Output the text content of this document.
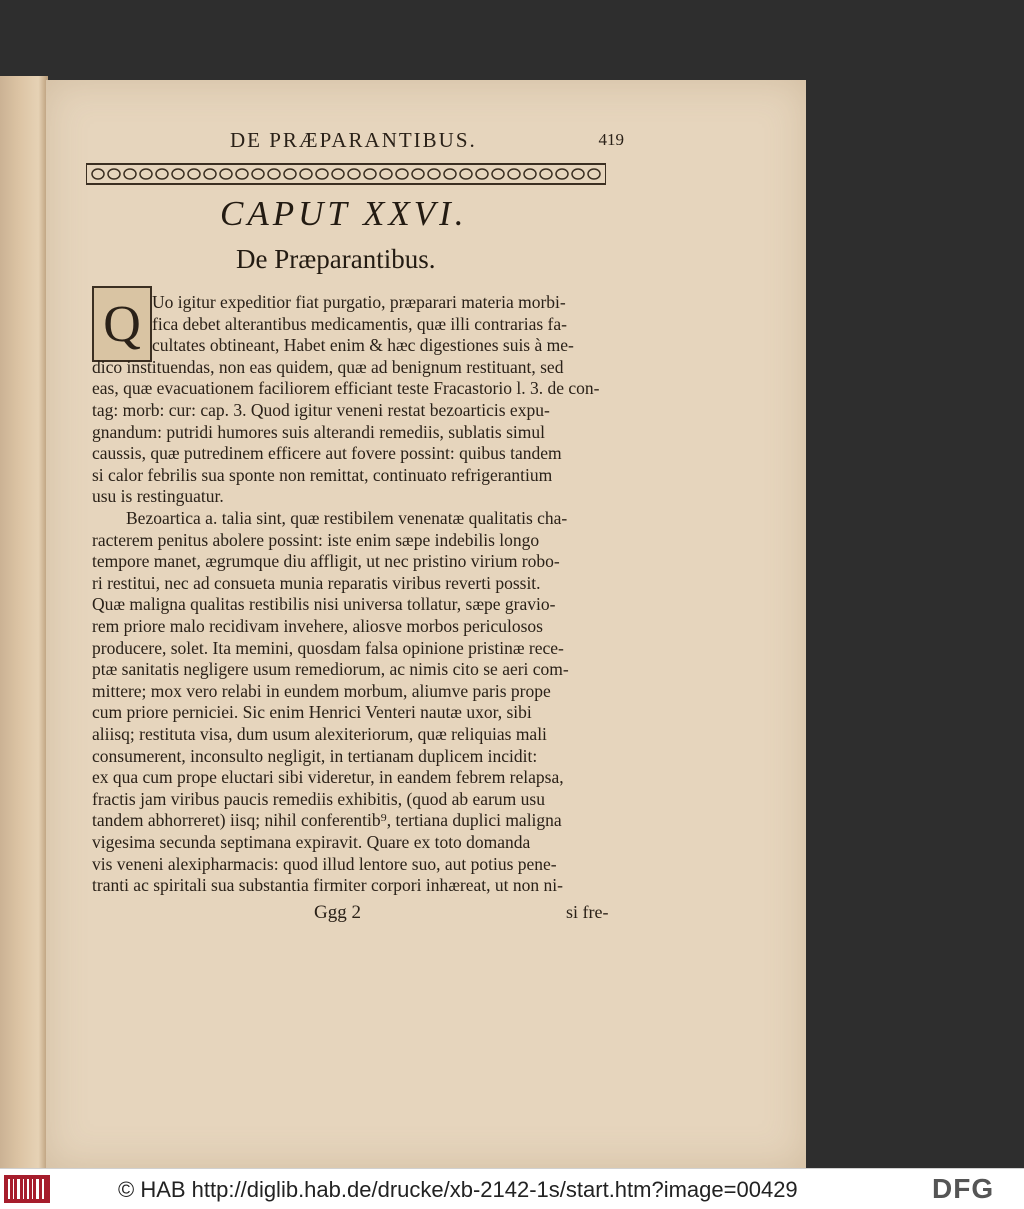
DE PRÆPARANTIBUS.	419
CAPUT XXVI.
De Præparantibus.
Q Uo igitur expeditior fiat purgatio, præparari materia morbi-
fica debet alterantibus medicamentis, quæ illi contrarias fa-
cultates obtineant, Habet enim & hæc digestiones suis à me-
dico instituendas, non eas quidem, quæ ad benignum restituant, sed
eas, quæ evacuationem faciliorem efficiant teste Fracastorio l. 3. de con-
tag: morb: cur: cap. 3. Quod igitur veneni restat bezoarticis expu-
gnandum: putridi humores suis alterandi remediis, sublatis simul
caussis, quæ putredinem efficere aut fovere possint: quibus tandem
si calor febrilis sua sponte non remittat, continuato refrigerantium
usu is restinguatur.
Bezoartica a. talia sint, quæ restibilem venenatæ qualitatis cha-
racterem penitus abolere possint: iste enim sæpe indebilis longo
tempore manet, ægrumque diu affligit, ut nec pristino virium robo-
ri restitui, nec ad consueta munia reparatis viribus reverti possit.
Quæ maligna qualitas restibilis nisi universa tollatur, sæpe gravio-
rem priore malo recidivam invehere, aliosve morbos periculosos
producere, solet. Ita memini, quosdam falsa opinione pristinæ rece-
ptæ sanitatis negligere usum remediorum, ac nimis cito se aeri com-
mittere; mox vero relabi in eundem morbum, aliumve paris prope
cum priore perniciei. Sic enim Henrici Venteri nautæ uxor, sibi
aliisq; restituta visa, dum usum alexiteriorum, quæ reliquias mali
consumerent, inconsulto negligit, in tertianam duplicem incidit:
ex qua cum prope eluctari sibi videretur, in eandem febrem relapsa,
fractis jam viribus paucis remediis exhibitis, (quod ab earum usu
tandem abhorreret) iisq; nihil conferentib⁹, tertiana duplici maligna
vigesima secunda septimana expiravit. Quare ex toto domanda
vis veneni alexipharmacis: quod illud lentore suo, aut potius pene-
tranti ac spiritali sua substantia firmiter corpori inhæreat, ut non ni-
Ggg 2	si fre-
© HAB http://diglib.hab.de/drucke/xb-2142-1s/start.htm?image=00429	DFG
